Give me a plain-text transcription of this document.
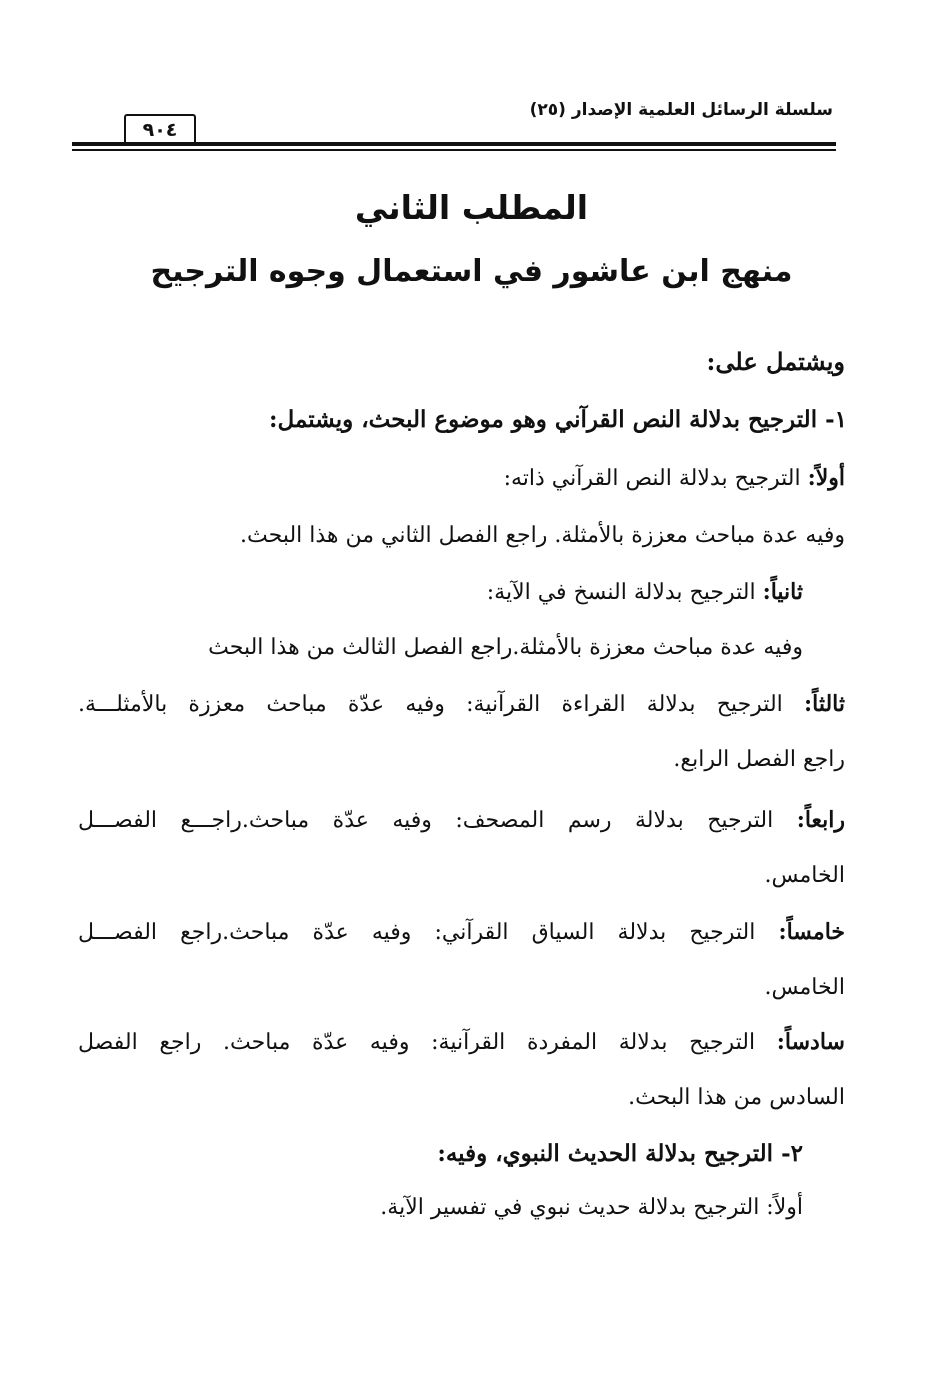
سلسلة الرسائل العلمية الإصدار (٢٥)
٩٠٤
المطلب الثاني
منهج ابن عاشور في استعمال وجوه الترجيح
ويشتمل على:
١- الترجيح بدلالة النص القرآني وهو موضوع البحث، ويشتمل:
أولاً: الترجيح بدلالة النص القرآني ذاته:
وفيه عدة مباحث معززة بالأمثلة. راجع الفصل الثاني من هذا البحث.
ثانياً: الترجيح بدلالة النسخ في الآية:
وفيه عدة مباحث معززة بالأمثلة.راجع الفصل الثالث من هذا البحث
ثالثاً: الترجيح بدلالة القراءة القرآنية: وفيه عدّة مباحث معززة بالأمثلـــة.
راجع الفصل الرابع.
رابعاً: الترجيح بدلالة رسم المصحف: وفيه عدّة مباحث.راجـــع الفصـــل
الخامس.
خامساً: الترجيح بدلالة السياق القرآني: وفيه عدّة مباحث.راجع الفصـــل
الخامس.
سادساً: الترجيح بدلالة المفردة القرآنية: وفيه عدّة مباحث. راجع الفصل
السادس من هذا البحث.
٢- الترجيح بدلالة الحديث النبوي، وفيه:
أولاً: الترجيح بدلالة حديث نبوي في تفسير الآية.
